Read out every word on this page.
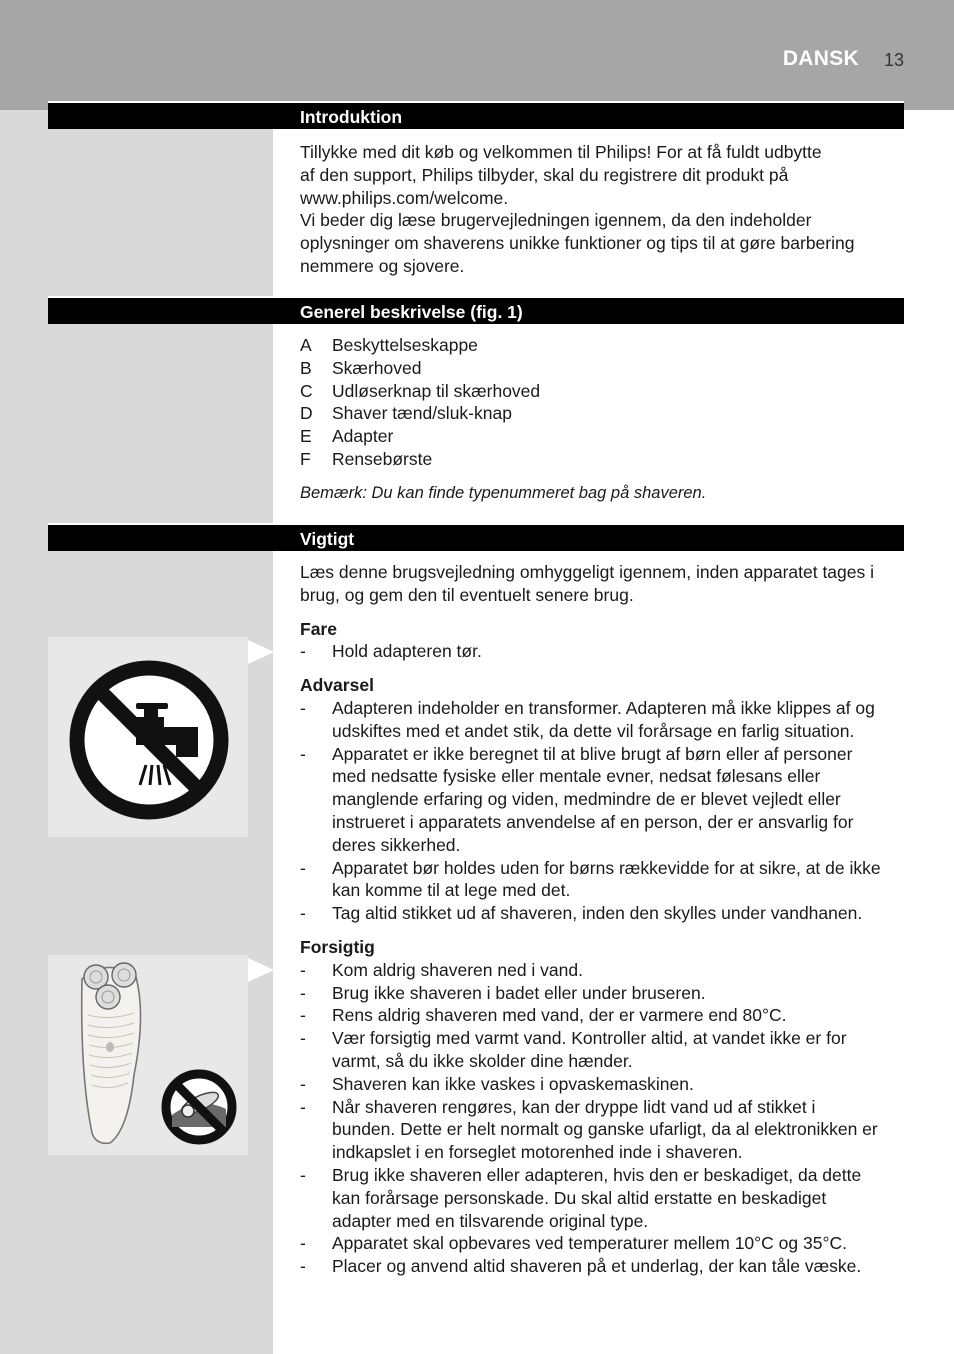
DANSK 13
Introduktion
Tillykke med dit køb og velkommen til Philips! For at få fuldt udbytte
af den support, Philips tilbyder, skal du registrere dit produkt på
www.philips.com/welcome.
Vi beder dig læse brugervejledningen igennem, da den indeholder
oplysninger om shaverens unikke funktioner og tips til at gøre barbering
nemmere og sjovere.
Generel beskrivelse (fig. 1)
A Beskyttelseskappe
B Skærhoved
C Udløserknap til skærhoved
D Shaver tænd/sluk-knap
E Adapter
F Rensebørste

Bemærk: Du kan finde typenummeret bag på shaveren.

Vigtigt
Læs denne brugsvejledning omhyggeligt igennem, inden apparatet tages i
brug, og gem den til eventuelt senere brug.

Fare

- Hold adapteren tør.

Advarsel

- Adapteren indeholder en transformer. Adapteren må ikke klippes af og
udskiftes med et andet stik, da dette vil forårsage en farlig situation.
- Apparatet er ikke beregnet til at blive brugt af børn eller af personer
med nedsatte fysiske eller mentale evner, nedsat følesans eller
manglende erfaring og viden, medmindre de er blevet vejledt eller
instrueret i apparatets anvendelse af en person, der er ansvarlig for
deres sikkerhed.
- Apparatet bør holdes uden for børns rækkevidde for at sikre, at de ikke
kan komme til at lege med det.
- Tag altid stikket ud af shaveren, inden den skylles under vandhanen.

Forsigtig

- Kom aldrig shaveren ned i vand.
- Brug ikke shaveren i badet eller under bruseren.
- Rens aldrig shaveren med vand, der er varmere end 80°C.
- Vær forsigtig med varmt vand. Kontroller altid, at vandet ikke er for
varmt, så du ikke skolder dine hænder.
- Shaveren kan ikke vaskes i opvaskemaskinen.
- Når shaveren rengøres, kan der dryppe lidt vand ud af stikket i
bunden. Dette er helt normalt og ganske ufarligt, da al elektronikken er
indkapslet i en forseglet motorenhed inde i shaveren.
- Brug ikke shaveren eller adapteren, hvis den er beskadiget, da dette
kan forårsage personskade. Du skal altid erstatte en beskadiget
adapter med en tilsvarende original type.
- Apparatet skal opbevares ved temperaturer mellem 10°C og 35°C.
- Placer og anvend altid shaveren på et underlag, der kan tåle væske.
